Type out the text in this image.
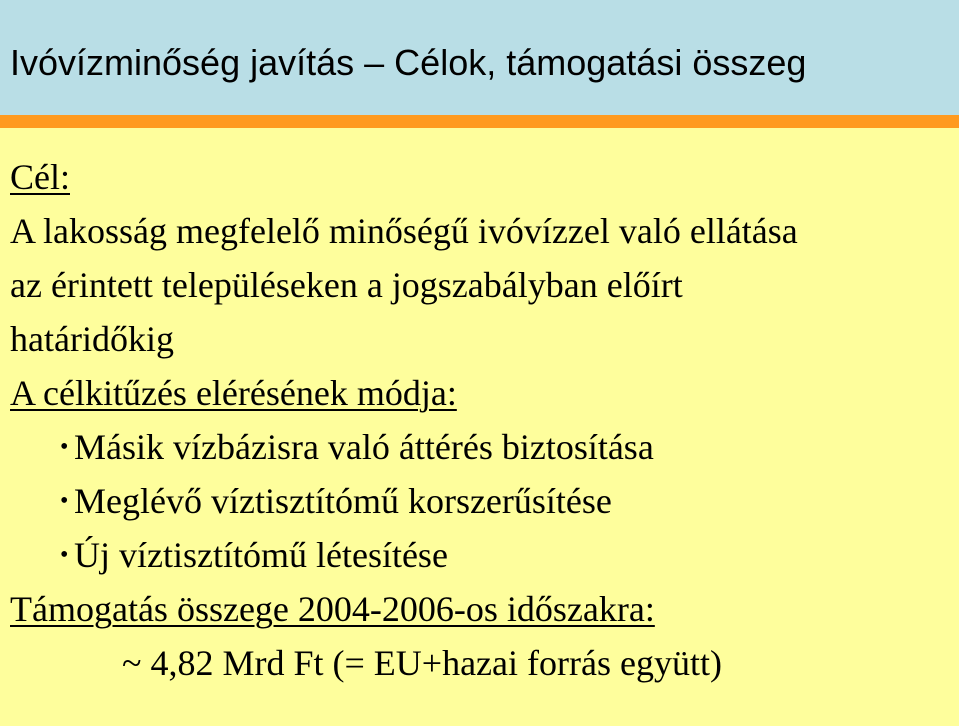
Ivóvízminőség javítás – Célok, támogatási összeg
Cél:
A lakosság megfelelő minőségű ivóvízzel való ellátása
az érintett településeken a jogszabályban előírt
határidőkig
A célkitűzés elérésének módja:
• Másik vízbázisra való áttérés biztosítása
• Meglévő víztisztítómű korszerűsítése
• Új víztisztítómű létesítése
Támogatás összege 2004-2006-os időszakra:
~ 4,82 Mrd Ft (= EU+hazai forrás együtt)
